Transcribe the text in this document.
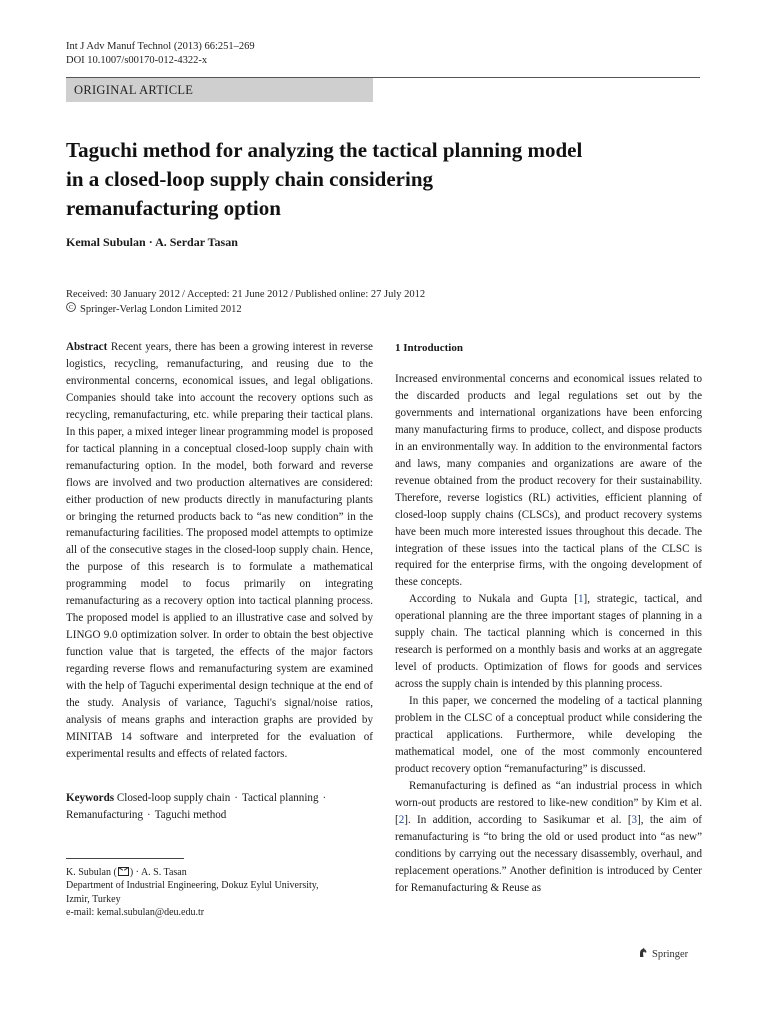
Int J Adv Manuf Technol (2013) 66:251–269
DOI 10.1007/s00170-012-4322-x
ORIGINAL ARTICLE
Taguchi method for analyzing the tactical planning model
in a closed-loop supply chain considering
remanufacturing option
Kemal Subulan · A. Serdar Tasan
Received: 30 January 2012 / Accepted: 21 June 2012 / Published online: 27 July 2012
C Springer-Verlag London Limited 2012

Abstract Recent years, there has been a growing interest in reverse logistics, recycling, remanufacturing, and reusing due to the environmental concerns, economical issues, and legal obligations. Companies should take into account the recovery options such as recycling, remanufacturing, etc. while preparing their tactical plans. In this paper, a mixed integer linear programming model is proposed for tactical planning in a conceptual closed-loop supply chain with remanufacturing option. In the model, both forward and reverse flows are involved and two production alternatives are considered: either production of new products directly in manufacturing plants or bringing the returned products back to “as new condition” in the remanufacturing facilities. The proposed model attempts to optimize all of the consecutive stages in the closed-loop supply chain. Hence, the purpose of this research is to formulate a mathematical programming model to focus primarily on integrating remanufacturing as a recovery option into tactical planning process. The proposed model is applied to an illustrative case and solved by LINGO 9.0 optimization solver. In order to obtain the best objective function value that is targeted, the effects of the major factors regarding reverse flows and remanufacturing system are examined with the help of Taguchi experimental design technique at the end of the study. Analysis of variance, Taguchi's signal/noise ratios, analysis of means graphs and interaction graphs are provided by MINITAB 14 software and interpreted for the evaluation of experimental results and effects of related factors.

Keywords Closed-loop supply chain · Tactical planning ·
Remanufacturing · Taguchi method
K. Subulan ( ) · A. S. Tasan
Department of Industrial Engineering, Dokuz Eylul University,
Izmir, Turkey
e-mail: kemal.subulan@deu.edu.tr
1 Introduction

Increased environmental concerns and economical issues related to the discarded products and legal regulations set out by the governments and international organizations have been enforcing many manufacturing firms to produce, collect, and dispose products in an environmentally way. In addition to the environmental factors and laws, many companies and organizations are aware of the revenue obtained from the product recovery for their sustainability. Therefore, reverse logistics (RL) activities, efficient planning of closed-loop supply chains (CLSCs), and product recovery systems have been much more interested issues throughout this decade. The integration of these issues into the tactical plans of the CLSC is required for the enterprise firms, with the ongoing development of these concepts.

According to Nukala and Gupta [1], strategic, tactical, and operational planning are the three important stages of planning in a supply chain. The tactical planning which is concerned in this research is performed on a monthly basis and works at an aggregate level of products. Optimization of flows for goods and services across the supply chain is intended by this planning process.

In this paper, we concerned the modeling of a tactical planning problem in the CLSC of a conceptual product while considering the practical applications. Furthermore, while developing the mathematical model, one of the most commonly encountered product recovery option “remanufacturing” is discussed.

Remanufacturing is defined as “an industrial process in which worn-out products are restored to like-new condition” by Kim et al. [2]. In addition, according to Sasikumar et al. [3], the aim of remanufacturing is “to bring the old or used product into “as new” conditions by carrying out the necessary disassembly, overhaul, and replacement operations.” Another definition is introduced by Center for Remanufacturing & Reuse as

Springer
